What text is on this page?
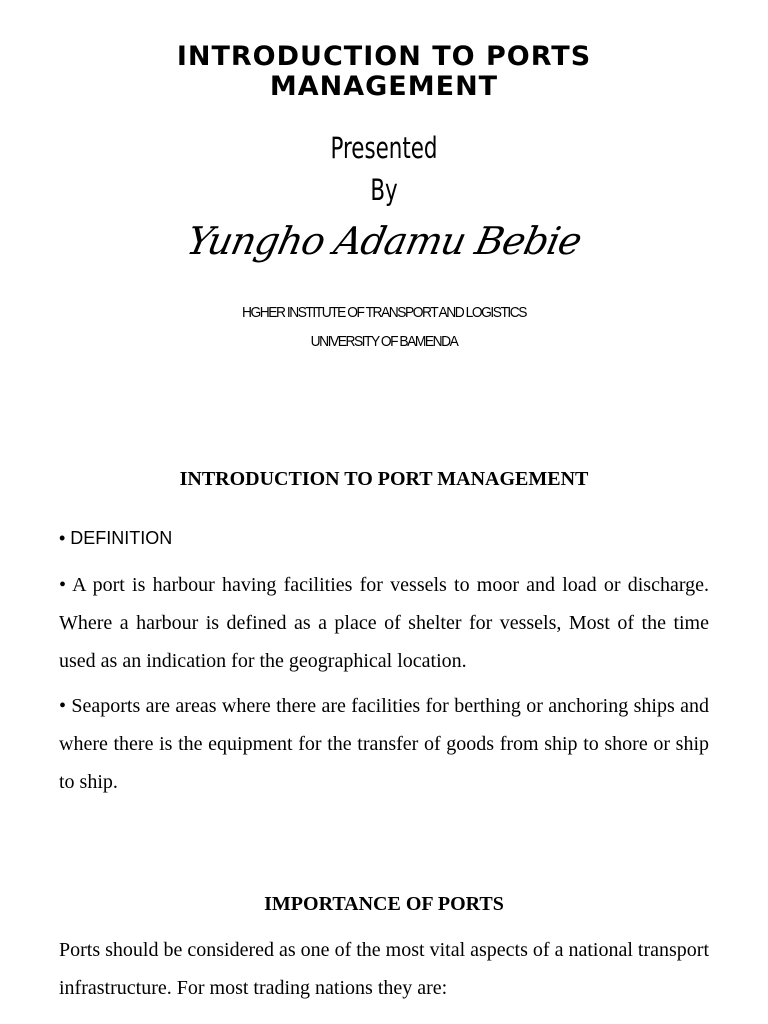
INTRODUCTION TO PORTS
MANAGEMENT
Presented
By
Yungho Adamu Bebie
HGHER INSTITUTE OF TRANSPORT AND LOGISTICS
UNIVERSITY OF BAMENDA
INTRODUCTION TO PORT MANAGEMENT
• DEFINITION

• A port is harbour having facilities for vessels to moor and load or discharge. Where a harbour is defined as a place of shelter for vessels, Most of the time used as an indication for the geographical location.

• Seaports are areas where there are facilities for berthing or anchoring ships and where there is the equipment for the transfer of goods from ship to shore or ship to ship.

IMPORTANCE OF PORTS

Ports should be considered as one of the most vital aspects of a national transport infrastructure. For most trading nations they are:
